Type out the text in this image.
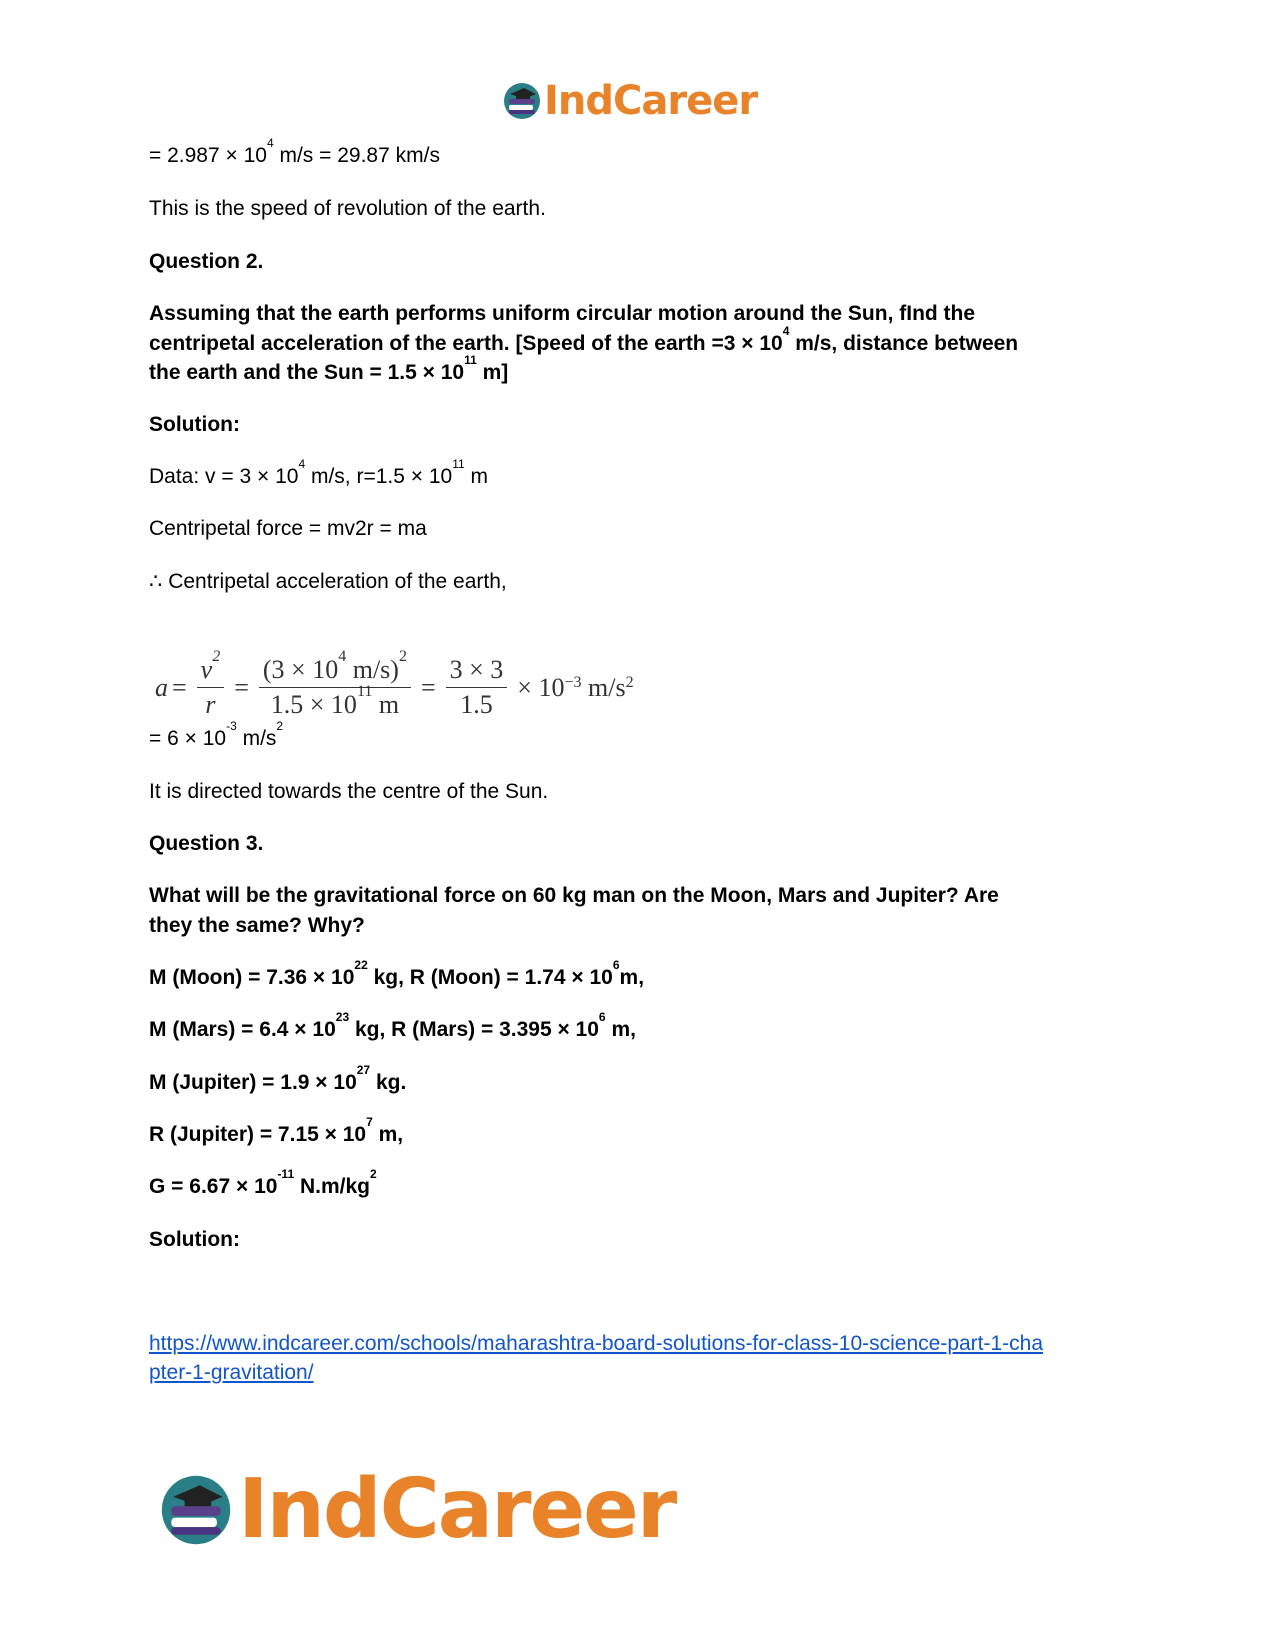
IndCareer
= $2.987 \times 10^4$ m/s = 29.87 km/s
This is the speed of revolution of the earth.
Question 2.
Assuming that the earth performs uniform circular motion around the Sun, fInd the
centripetal acceleration of the earth. [Speed of the earth $=3 \times 10^4$ m/s, distance between
the earth and the Sun = $1.5 \times 10^{11}$ m]
Solution:
Data: $v = 3 \times 10^4$ m/s, $r=1.5 \times 10^{11}$ m
Centripetal force = mv2r = ma
∴ Centripetal acceleration of the earth,
$a = \frac{v^2}{r} = \frac{(3 \times 10^4 m/s)^2}{1.5 \times 10^{11} m} = \frac{3 \times 3}{1.5} \times 10^{-3}$ $m/s^2$
= $6 \times 10^{-3}$ $m/s^2$
It is directed towards the centre of the Sun.
Question 3.
What will be the gravitational force on 60 kg man on the Moon, Mars and Jupiter? Are
they the same? Why?
M (Moon) = $7.36 \times 10^{22}$ kg, R (Moon) = $1.74 \times 10^6m$,
M (Mars) = $6.4 \times 10^{23}$ kg, R (Mars) = $3.395 \times 10^6$ m,
M (Jupiter) = $1.9 \times 10^{27}$ kg.
R (Jupiter) = $7.15 \times 10^7$ m,
$G = 6.67 \times 10^{-11}$ $N.m/kg^2$
Solution:
https://www.indcareer.com/schools/maharashtra-board-solutions-for-class-10-science-part-1-cha
pter-1-gravitation/
IndCareer
